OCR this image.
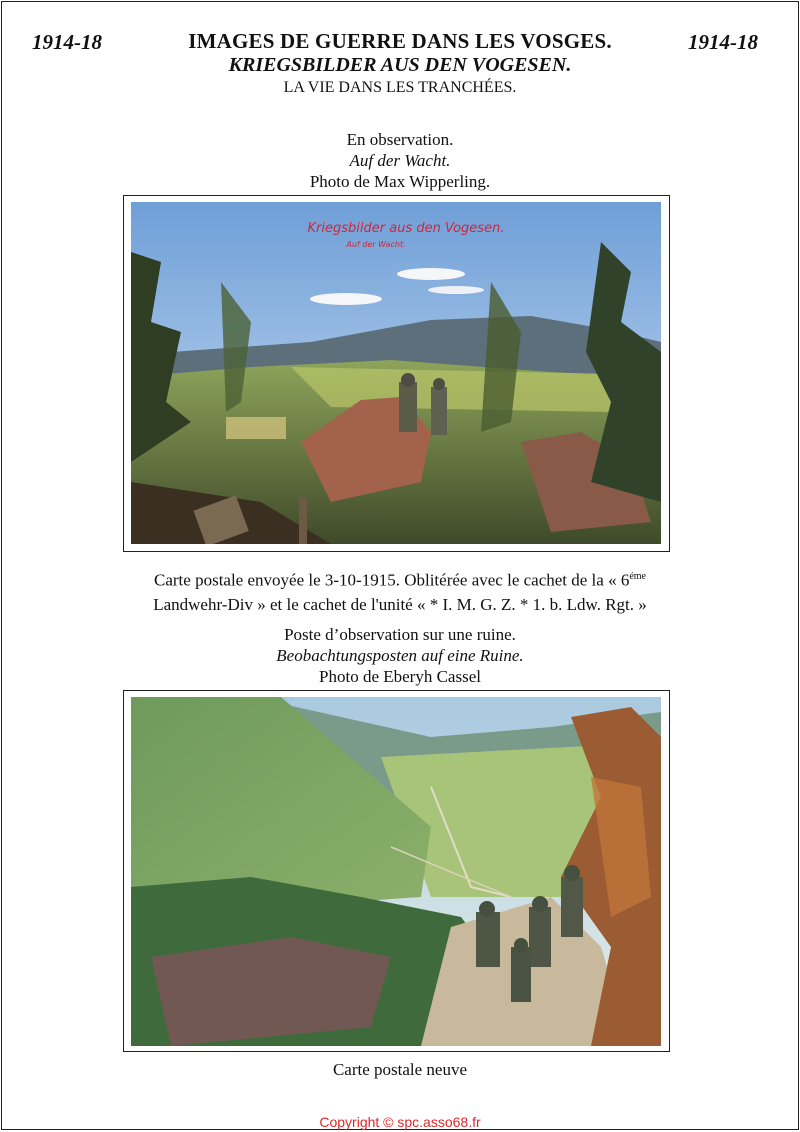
1914-18	1914-18
IMAGES DE GUERRE DANS LES VOSGES.
KRIEGSBILDER AUS DEN VOGESEN.
LA VIE DANS LES TRANCHÉES.
En observation.
Auf der Wacht.
Photo de Max Wipperling.
Kriegsbilder aus den Vogesen.
Auf der Wacht.
Carte postale envoyée le 3-10-1915. Oblitérée avec le cachet de la « $6^{éme}$
Landwehr-Div » et le cachet de l'unité « * I. M. G. Z. * 1. b. Ldw. Rgt. »
Poste d’observation sur une ruine.
Beobachtungsposten auf eine Ruine.
Photo de Eberyh Cassel
Carte postale neuve
Copyright © spc.asso68.fr
